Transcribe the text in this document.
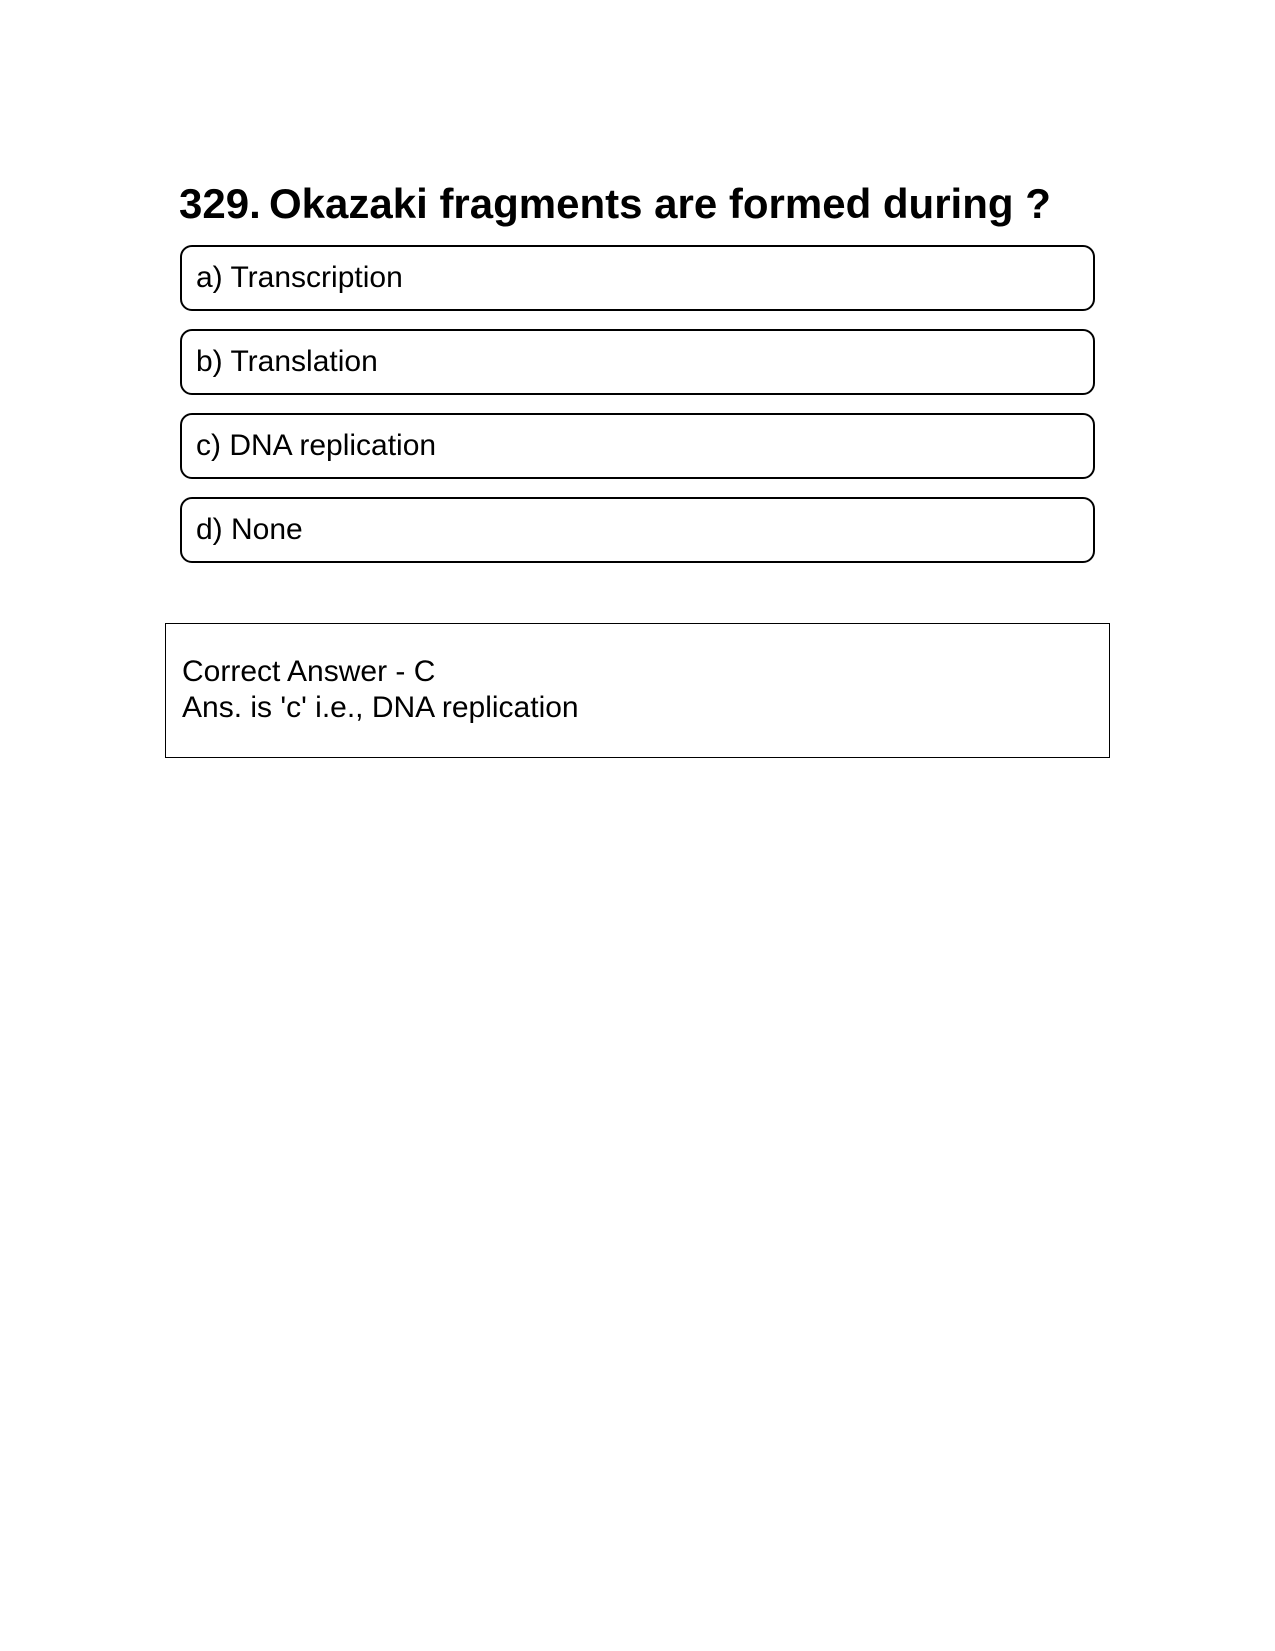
329. Okazaki fragments are formed during ?
a) Transcription
b) Translation
c) DNA replication
d) None
Correct Answer - C
Ans. is 'c' i.e., DNA replication
